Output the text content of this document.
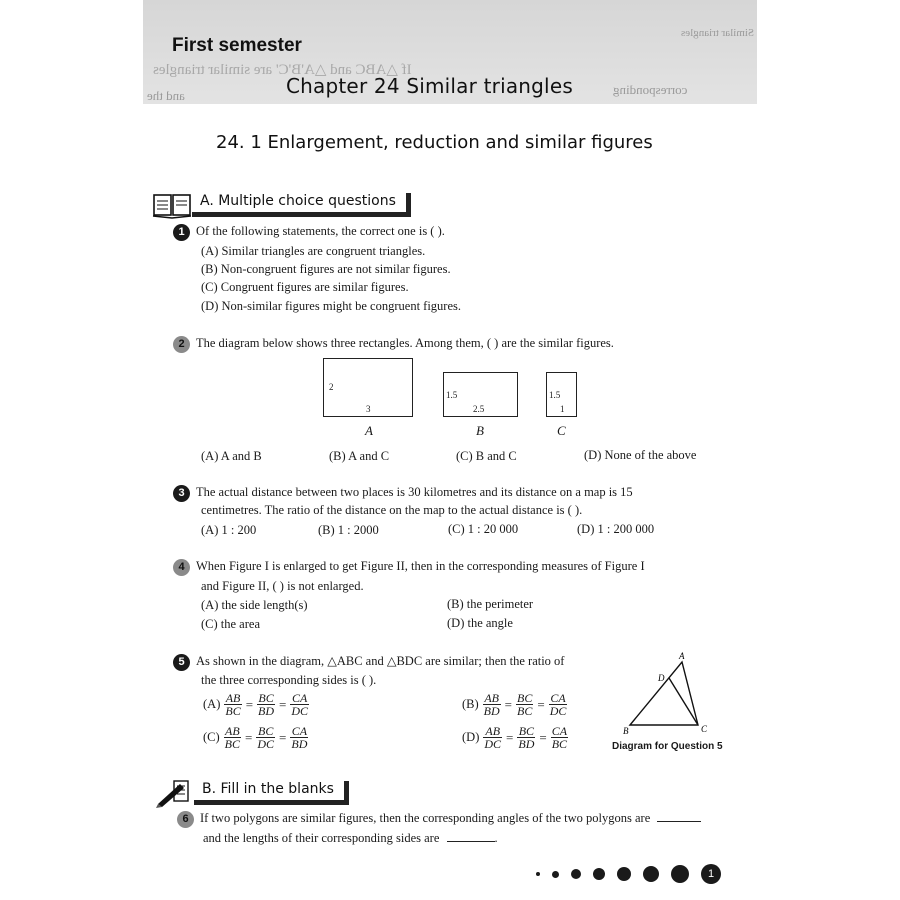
Similar triangles
If △ABC and △A'B'C' are similar triangles
corresponding
and the
First semester
Chapter 24 Similar triangles
24. 1 Enlargement, reduction and similar figures
A. Multiple choice questions
1 Of the following statements, the correct one is ( ).
(A) Similar triangles are congruent triangles.
(B) Non-congruent figures are not similar figures.
(C) Congruent figures are similar figures.
(D) Non-similar figures might be congruent figures.
2 The diagram below shows three rectangles. Among them, ( ) are the similar figures.
2
3
1.5
2.5
1.5
1
A	B	C
(A) A and B	(B) A and C	(C) B and C	(D) None of the above
3 The actual distance between two places is 30 kilometres and its distance on a map is 15
centimetres. The ratio of the distance on the map to the actual distance is ( ).
(A) 1 : 200	(B) 1 : 2000	(C) 1 : 20 000	(D) 1 : 200 000
4 When Figure I is enlarged to get Figure II, then in the corresponding measures of Figure I
and Figure II, ( ) is not enlarged.
(A) the side length(s)	(B) the perimeter
(C) the area	(D) the angle
5 As shown in the diagram, △ABC and △BDC are similar; then the ratio of
the three corresponding sides is ( ).
$(A) \frac{AB}{BC} = \frac{BC}{BD} = \frac{CA}{DC}$	$(B) \frac{AB}{BD} = \frac{BC}{BC} = \frac{CA}{DC}$
$(C) \frac{AB}{BC} = \frac{BC}{DC} = \frac{CA}{BD}$	$(D) \frac{AB}{DC} = \frac{BC}{BD} = \frac{CA}{BC}$
A
B	C
D
Diagram for Question 5
B. Fill in the blanks
6 If two polygons are similar figures, then the corresponding angles of the two polygons are
and the lengths of their corresponding sides are	.
1
